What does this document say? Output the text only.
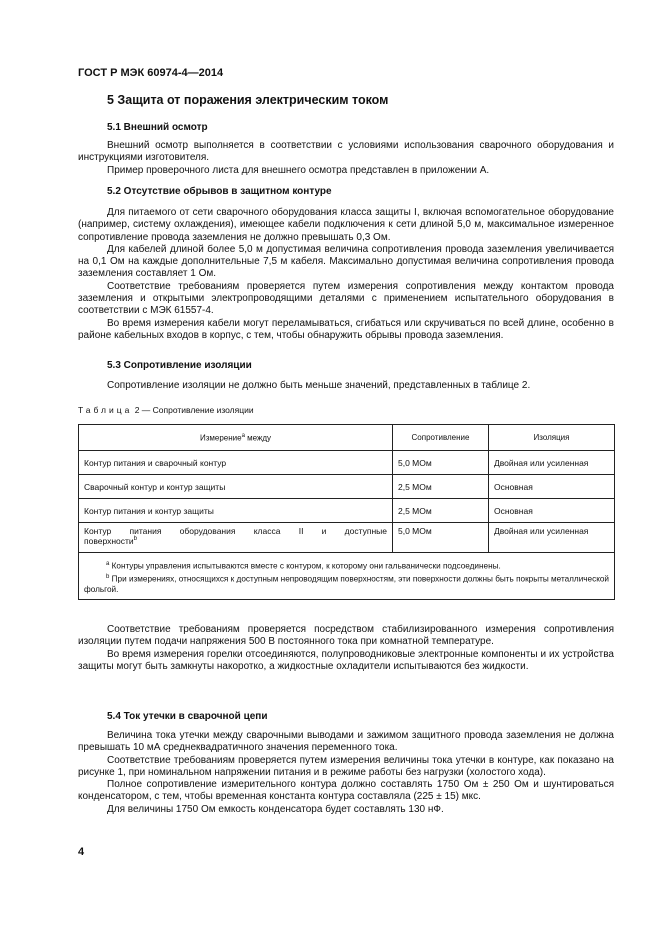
ГОСТ Р МЭК 60974-4—2014
5 Защита от поражения электрическим током
5.1 Внешний осмотр

Внешний осмотр выполняется в соответствии с условиями использования сварочного оборудования и инструкциями изготовителя.

Пример проверочного листа для внешнего осмотра представлен в приложении А.

5.2 Отсутствие обрывов в защитном контуре

Для питаемого от сети сварочного оборудования класса защиты I, включая вспомогательное оборудование (например, систему охлаждения), имеющее кабели подключения к сети длиной 5,0 м, максимальное измеренное сопротивление провода заземления не должно превышать 0,3 Ом.

Для кабелей длиной более 5,0 м допустимая величина сопротивления провода заземления увеличивается на 0,1 Ом на каждые дополнительные 7,5 м кабеля. Максимально допустимая величина сопротивления провода заземления составляет 1 Ом.

Соответствие требованиям проверяется путем измерения сопротивления между контактом провода заземления и открытыми электропроводящими деталями с применением испытательного оборудования в соответствии с МЭК 61557-4.

Во время измерения кабели могут переламываться, сгибаться или скручиваться по всей длине, особенно в районе кабельных входов в корпус, с тем, чтобы обнаружить обрывы провода заземления.

5.3 Сопротивление изоляции

Сопротивление изоляции не должно быть меньше значений, представленных в таблице 2.

Таблица 2 — Сопротивление изоляции
Измерение$^a$ между	Сопротивление	Изоляция
Контур питания и сварочный контур	5,0 МОм	Двойная или усиленная
Сварочный контур и контур защиты	2,5 МОм	Основная
Контур питания и контур защиты	2,5 МОм	Основная

Контур питания оборудования класса II и доступные
поверхности$^b$	5,0 МОм	Двойная или усиленная

$^a$ Контуры управления испытываются вместе с контуром, к которому они гальванически подсоединены.
$^b$ При измерениях, относящихся к доступным непроводящим поверхностям, эти поверхности должны быть покрыты металлической фольгой.		

Соответствие требованиям проверяется посредством стабилизированного измерения сопротивления изоляции путем подачи напряжения 500 В постоянного тока при комнатной температуре.

Во время измерения горелки отсоединяются, полупроводниковые электронные компоненты и их устройства защиты могут быть замкнуты накоротко, а жидкостные охладители испытываются без жидкости.

5.4 Ток утечки в сварочной цепи

Величина тока утечки между сварочными выводами и зажимом защитного провода заземления не должна превышать 10 мА среднеквадратичного значения переменного тока.

Соответствие требованиям проверяется путем измерения величины тока утечки в контуре, как показано на рисунке 1, при номинальном напряжении питания и в режиме работы без нагрузки (холостого хода).

Полное сопротивление измерительного контура должно составлять 1750 Ом ± 250 Ом и шунтироваться конденсатором, с тем, чтобы временная константа контура составляла (225 ± 15) мкс.

Для величины 1750 Ом емкость конденсатора будет составлять 130 нФ.

4
